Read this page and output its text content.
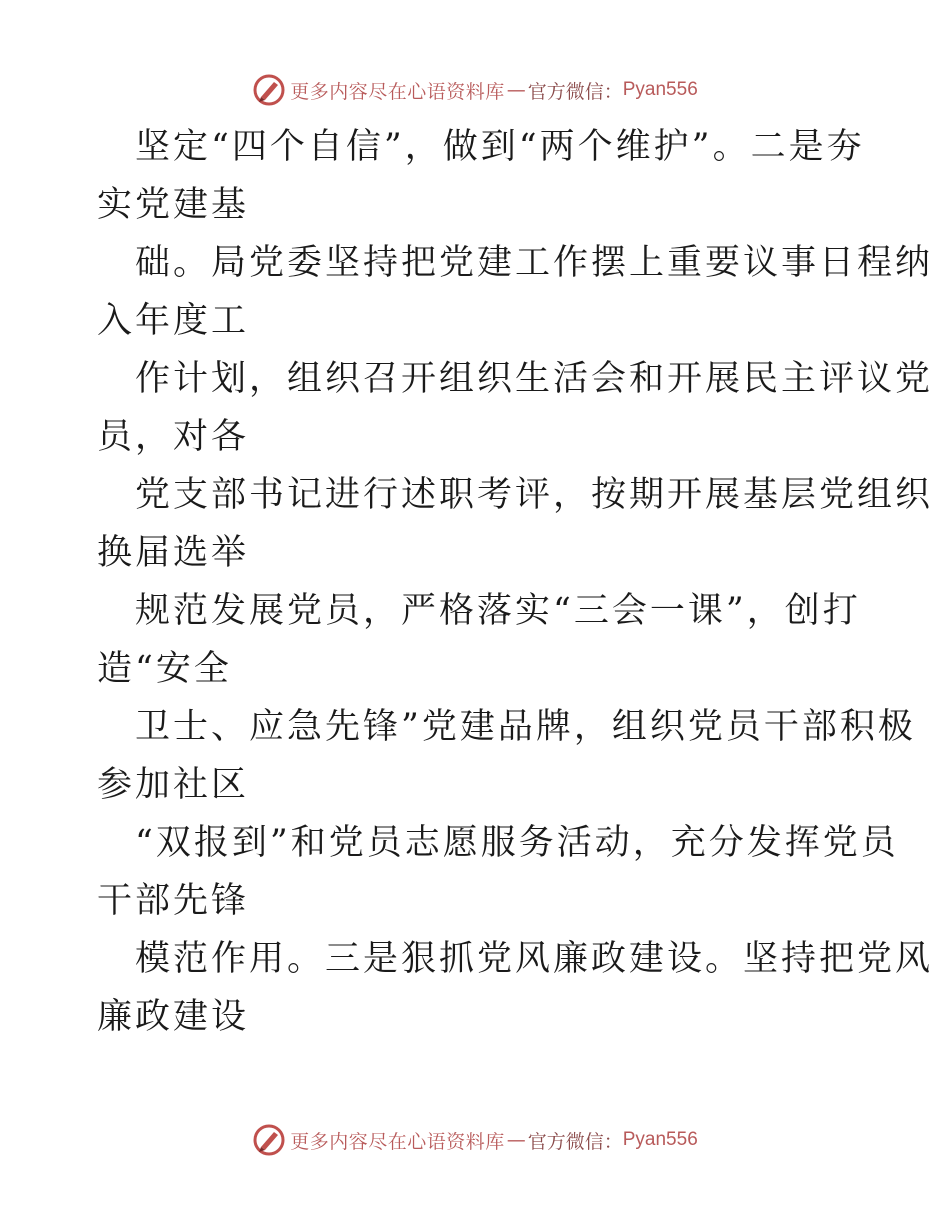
更多内容尽在心语资料库 — 官方微信： Pyan556
坚定“四个自信”，做到“两个维护”。二是夯
实党建基
础。局党委坚持把党建工作摆上重要议事日程纳
入年度工
作计划，组织召开组织生活会和开展民主评议党
员，对各
党支部书记进行述职考评，按期开展基层党组织
换届选举
规范发展党员，严格落实“三会一课”，创打
造“安全
卫士、应急先锋”党建品牌，组织党员干部积极
参加社区
“双报到”和党员志愿服务活动，充分发挥党员
干部先锋
模范作用。三是狠抓党风廉政建设。坚持把党风
廉政建设
更多内容尽在心语资料库 — 官方微信： Pyan556
